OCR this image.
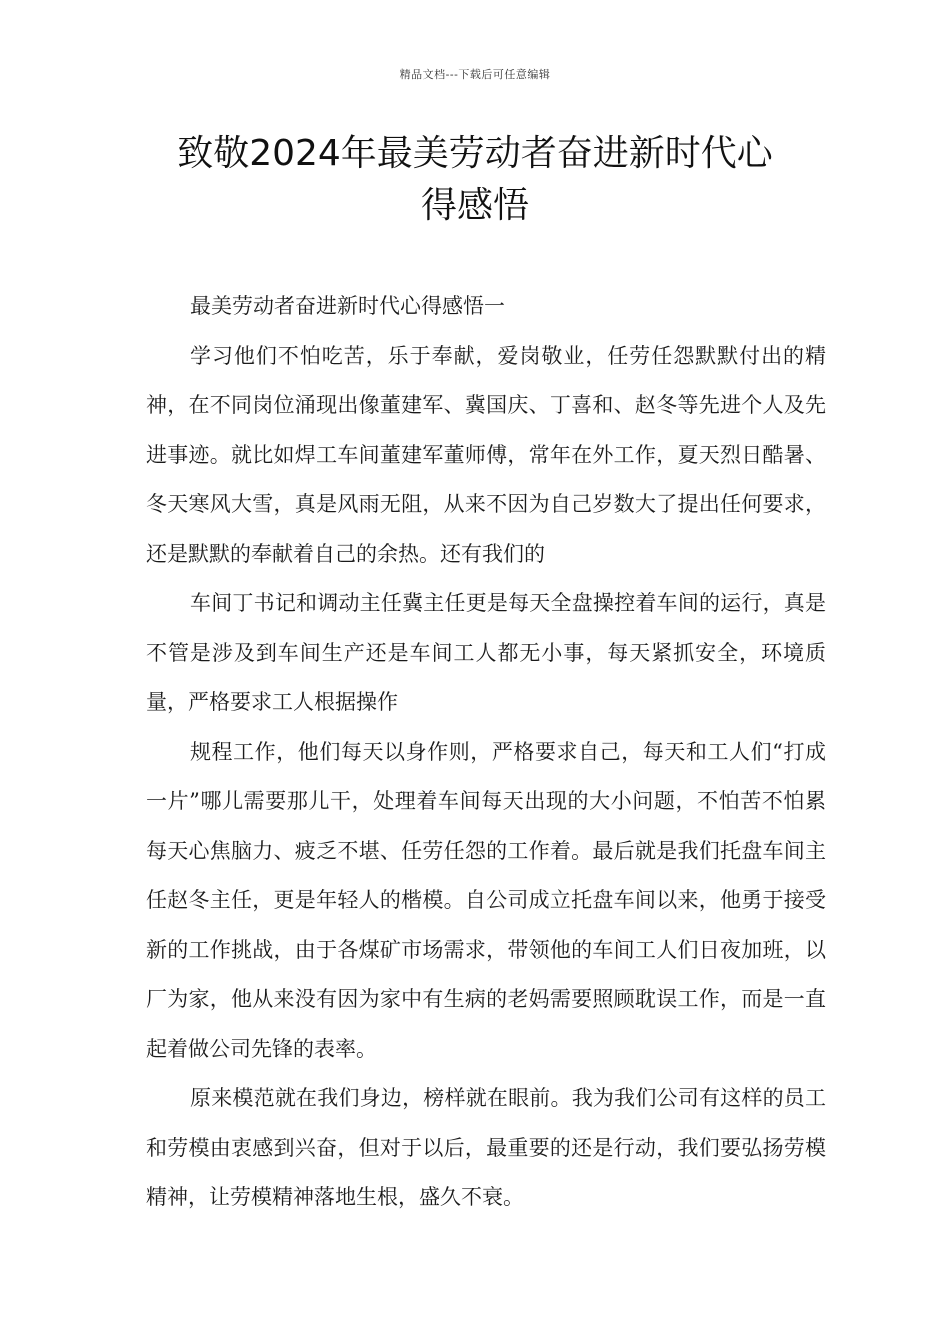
精品文档---下载后可任意编辑
致敬2024年最美劳动者奋进新时代心
得感悟

最美劳动者奋进新时代心得感悟一

学习他们不怕吃苦，乐于奉献，爱岗敬业，任劳任怨默默付出的精神，在不同岗位涌现出像董建军、冀国庆、丁喜和、赵冬等先进个人及先进事迹。就比如焊工车间董建军董师傅，常年在外工作，夏天烈日酷暑、冬天寒风大雪，真是风雨无阻，从来不因为自己岁数大了提出任何要求，还是默默的奉献着自己的余热。还有我们的

车间丁书记和调动主任冀主任更是每天全盘操控着车间的运行，真是不管是涉及到车间生产还是车间工人都无小事，每天紧抓安全，环境质量，严格要求工人根据操作

规程工作，他们每天以身作则，严格要求自己，每天和工人们“打成一片”哪儿需要那儿干，处理着车间每天出现的大小问题，不怕苦不怕累每天心焦脑力、疲乏不堪、任劳任怨的工作着。最后就是我们托盘车间主任赵冬主任，更是年轻人的楷模。自公司成立托盘车间以来，他勇于接受新的工作挑战，由于各煤矿市场需求，带领他的车间工人们日夜加班，以厂为家，他从来没有因为家中有生病的老妈需要照顾耽误工作，而是一直起着做公司先锋的表率。

原来模范就在我们身边，榜样就在眼前。我为我们公司有这样的员工和劳模由衷感到兴奋，但对于以后，最重要的还是行动，我们要弘扬劳模精神，让劳模精神落地生根，盛久不衰。
